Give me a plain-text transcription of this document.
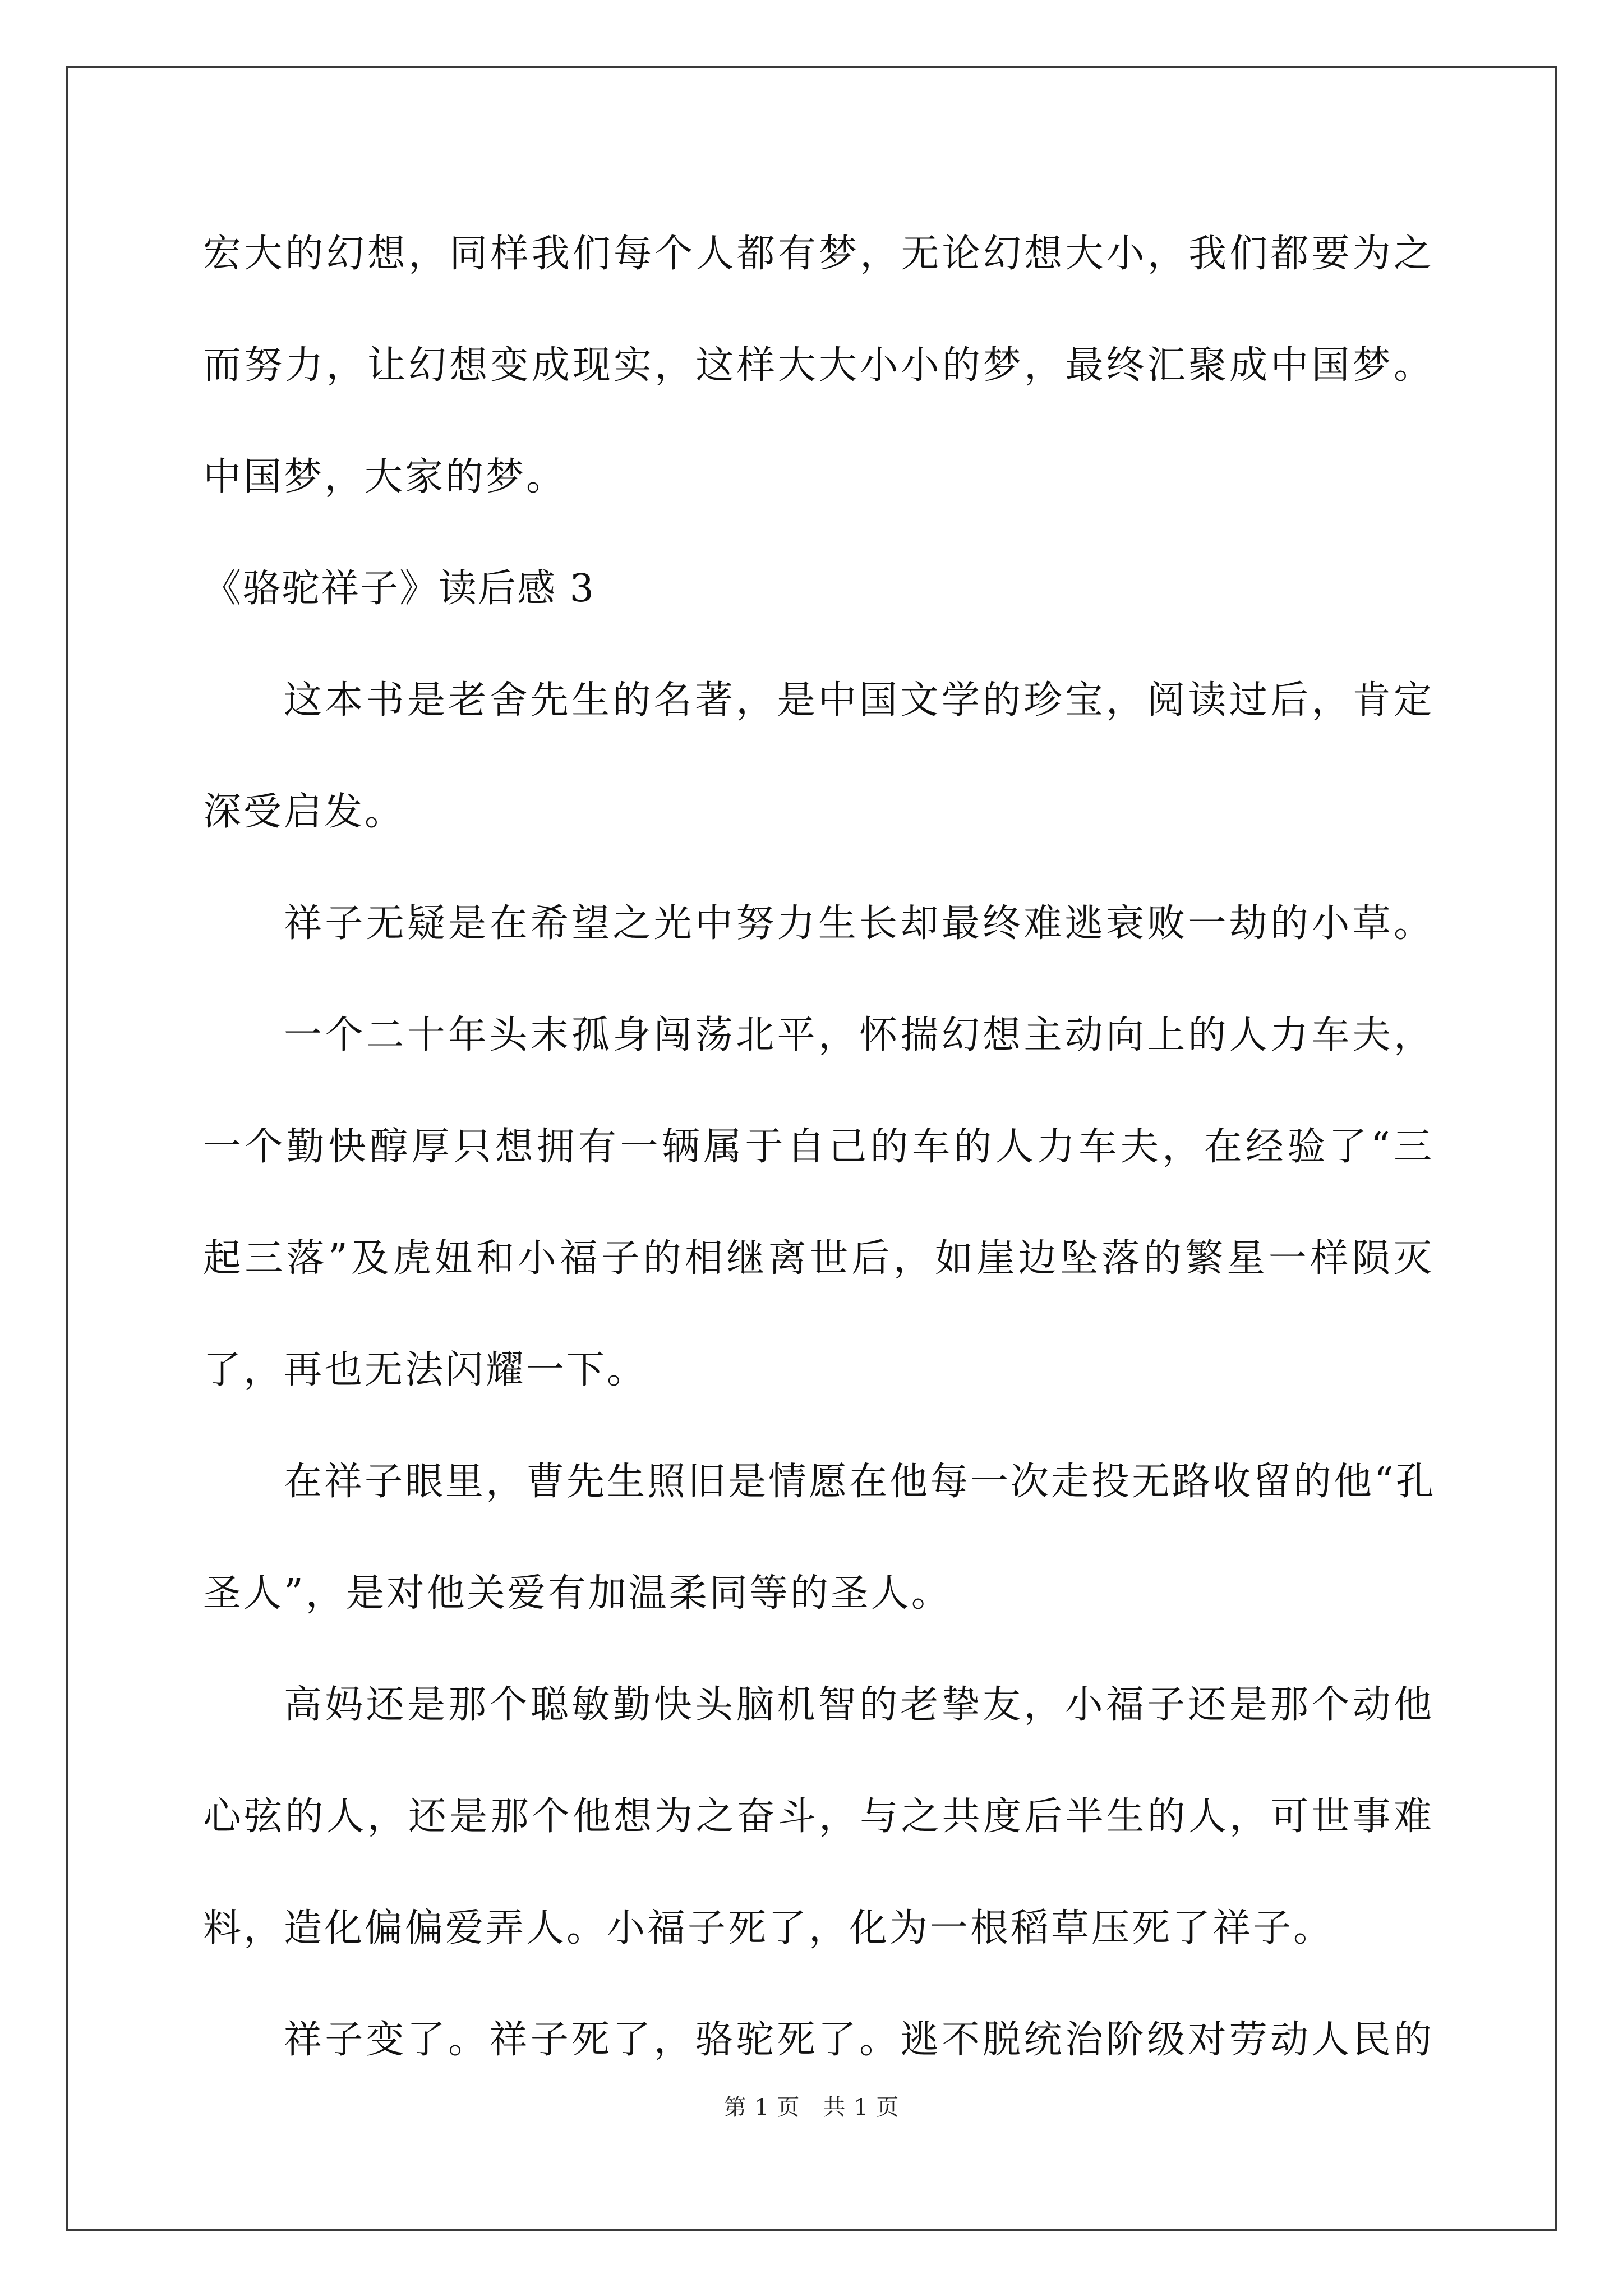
宏大的幻想，同样我们每个人都有梦，无论幻想大小，我们都要为之
而努力，让幻想变成现实，这样大大小小的梦，最终汇聚成中国梦。
中国梦，大家的梦。
《骆驼祥子》读后感 3
这本书是老舍先生的名著，是中国文学的珍宝，阅读过后，肯定
深受启发。
祥子无疑是在希望之光中努力生长却最终难逃衰败一劫的小草。
一个二十年头末孤身闯荡北平，怀揣幻想主动向上的人力车夫，
一个勤快醇厚只想拥有一辆属于自己的车的人力车夫，在经验了“三
起三落”及虎妞和小福子的相继离世后，如崖边坠落的繁星一样陨灭
了，再也无法闪耀一下。
在祥子眼里，曹先生照旧是情愿在他每一次走投无路收留的他“孔
圣人”，是对他关爱有加温柔同等的圣人。
高妈还是那个聪敏勤快头脑机智的老挚友，小福子还是那个动他
心弦的人，还是那个他想为之奋斗，与之共度后半生的人，可世事难
料，造化偏偏爱弄人。小福子死了，化为一根稻草压死了祥子。
祥子变了。祥子死了，骆驼死了。逃不脱统治阶级对劳动人民的
第 1 页　共 1 页
